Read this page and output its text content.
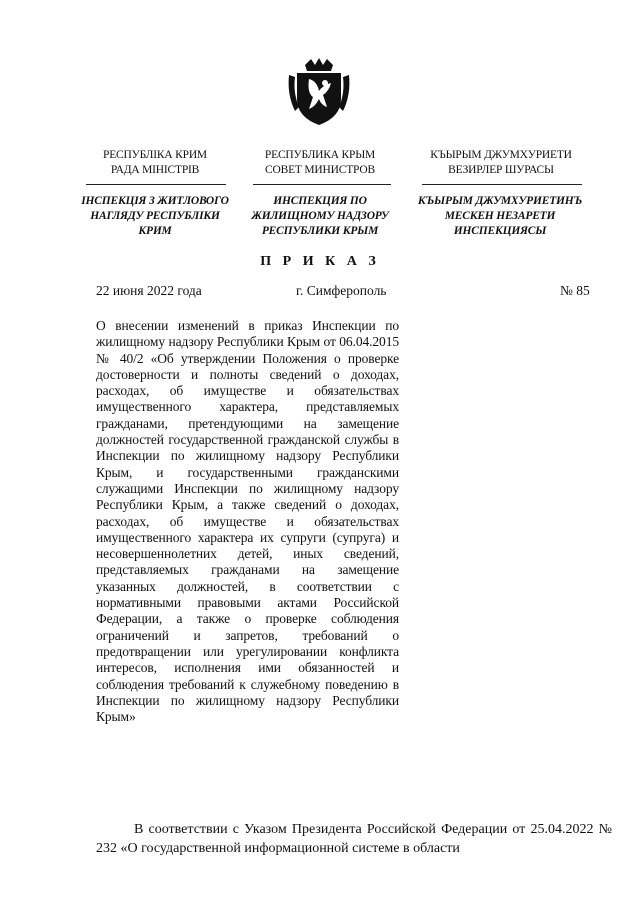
РЕСПУБЛІКА КРИМ
РАДА МІНІСТРІВ
ІНСПЕКЦІЯ З ЖИТЛОВОГО НАГЛЯДУ РЕСПУБЛІКИ КРИМ
РЕСПУБЛИКА КРЫМ
СОВЕТ МИНИСТРОВ
ИНСПЕКЦИЯ ПО ЖИЛИЩНОМУ НАДЗОРУ РЕСПУБЛИКИ КРЫМ
КЪЫРЫМ ДЖУМХУРИЕТИ
ВЕЗИРЛЕР ШУРАСЫ
КЪЫРЫМ ДЖУМХУРИЕТИНЪ МЕСКЕН НЕЗАРЕТИ ИНСПЕКЦИЯСЫ
П Р И К А З
22 июня 2022 года	г. Симферополь	№ 85
О внесении изменений в приказ Инспекции по жилищному надзору Республики Крым от 06.04.2015 № 40/2 «Об утверждении Положения о проверке достоверности и полноты сведений о доходах, расходах, об имуществе и обязательствах имущественного характера, представляемых гражданами, претендующими на замещение должностей государственной гражданской службы в Инспекции по жилищному надзору Республики Крым, и государственными гражданскими служащими Инспекции по жилищному надзору Республики Крым, а также сведений о доходах, расходах, об имуществе и обязательствах имущественного характера их супруги (супруга) и несовершеннолетних детей, иных сведений, представляемых гражданами на замещение указанных должностей, в соответствии с нормативными правовыми актами Российской Федерации, а также о проверке соблюдения ограничений и запретов, требований о предотвращении или урегулировании конфликта интересов, исполнения ими обязанностей и соблюдения требований к служебному поведению в Инспекции по жилищному надзору Республики Крым»
В соответствии с Указом Президента Российской Федерации от 25.04.2022 № 232 «О государственной информационной системе в области
